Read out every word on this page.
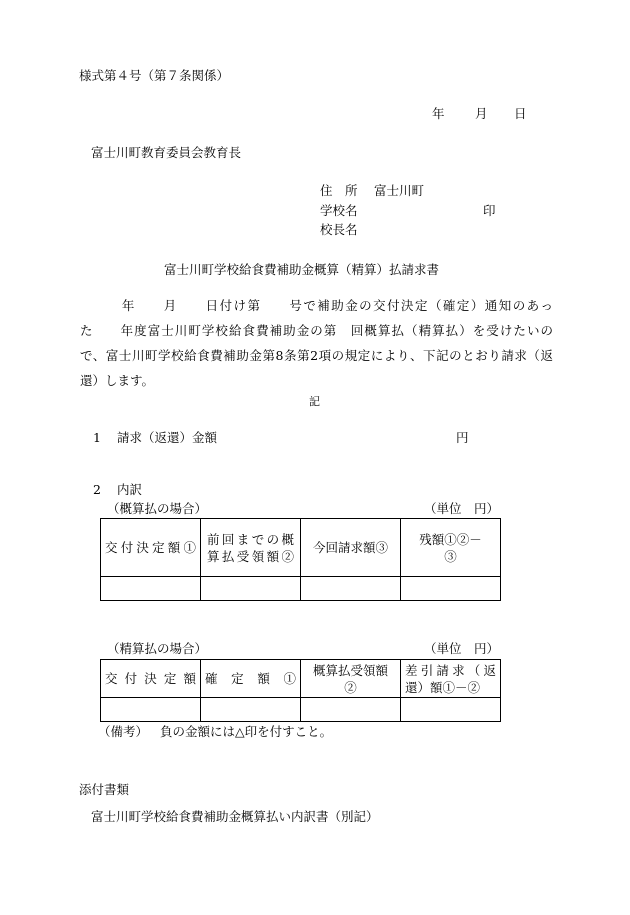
様式第４号（第７条関係）
年 月 日
富士川町教育委員会教育長
住　所 富士川町
学校名	印
校長名
富士川町学校給食費補助金概算（精算）払請求書
　　　年　　月　　日付け第　　号で補助金の交付決定（確定）通知のあっ
た　　年度富士川町学校給食費補助金の第　回概算払（精算払）を受けたいの
で、富士川町学校給食費補助金第8条第2項の規定により、下記のとおり請求（返
還）します。
記
1 請求（返還）金額	円
2 内訳
（概算払の場合）	（単位　円）
交付決定額①	前回までの概算払受領額②	今回請求額③	残額①②－③

（精算払の場合）	（単位　円）
交付決定額	確定額①	概算払受領額②	差引請求（返還）額①－②

（備考） 負の金額には△印を付すこと。
添付書類
富士川町学校給食費補助金概算払い内訳書（別記）
